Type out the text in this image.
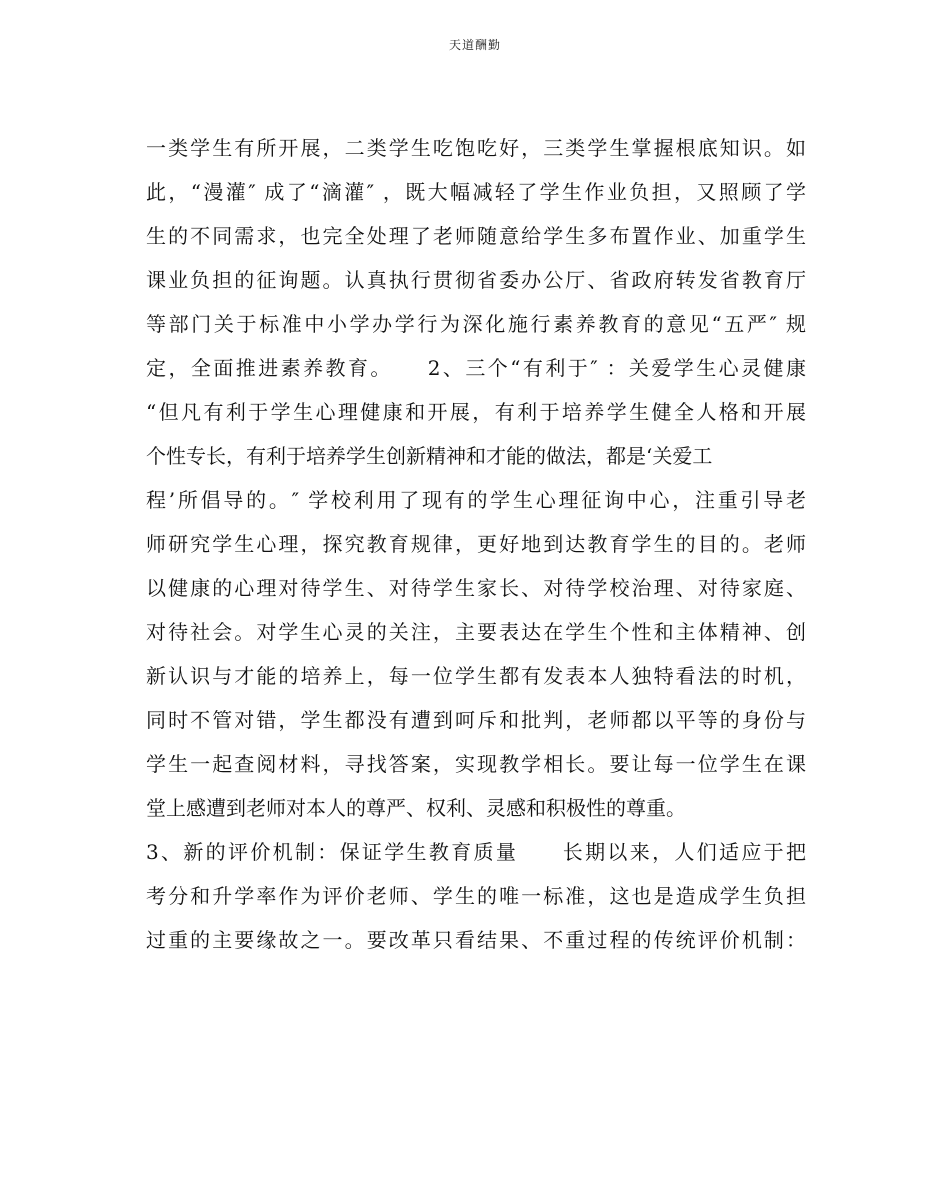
天道酬勤
一类学生有所开展，二类学生吃饱吃好，三类学生掌握根底知识。如
此，“漫灌″ 成了“滴灌″ ，既大幅减轻了学生作业负担，又照顾了学
生的不同需求，也完全处理了老师随意给学生多布置作业、加重学生
课业负担的征询题。认真执行贯彻省委办公厅、省政府转发省教育厅
等部门关于标准中小学办学行为深化施行素养教育的意见“五严″ 规
定，全面推进素养教育。　　2、三个“有利于″ ：关爱学生心灵健康
“但凡有利于学生心理健康和开展，有利于培养学生健全人格和开展
个性专长，有利于培养学生创新精神和才能的做法，都是‘关爱工
程’所倡导的。″ 学校利用了现有的学生心理征询中心，注重引导老
师研究学生心理，探究教育规律，更好地到达教育学生的目的。老师
以健康的心理对待学生、对待学生家长、对待学校治理、对待家庭、
对待社会。对学生心灵的关注，主要表达在学生个性和主体精神、创
新认识与才能的培养上，每一位学生都有发表本人独特看法的时机，
同时不管对错，学生都没有遭到呵斥和批判，老师都以平等的身份与
学生一起查阅材料，寻找答案，实现教学相长。要让每一位学生在课
堂上感遭到老师对本人的尊严、权利、灵感和积极性的尊重。
3、新的评价机制：保证学生教育质量　　长期以来，人们适应于把
考分和升学率作为评价老师、学生的唯一标准，这也是造成学生负担
过重的主要缘故之一。要改革只看结果、不重过程的传统评价机制：
